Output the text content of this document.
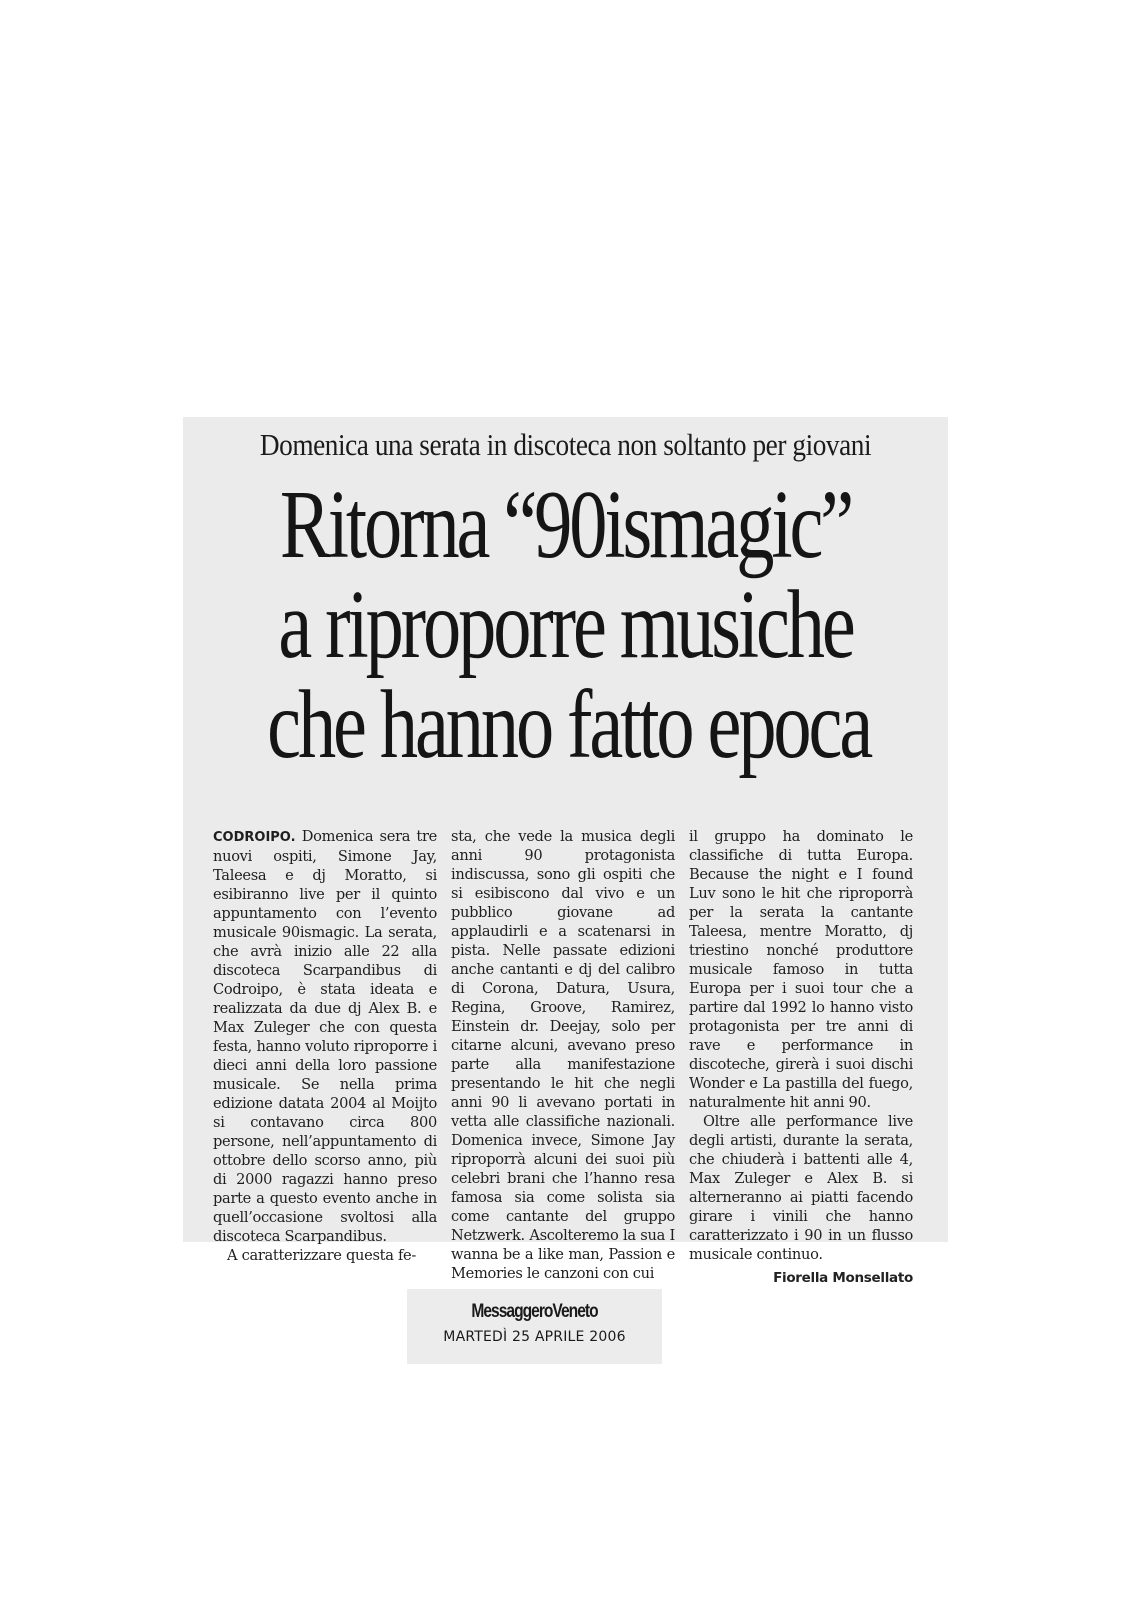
Domenica una serata in discoteca non soltanto per giovani
Ritorna “90ismagic”
a riproporre musiche
che hanno fatto epoca

CODROIPO. Domenica sera tre nuovi ospiti, Simone Jay, Taleesa e dj Moratto, si esibiranno live per il quinto appuntamento con l’evento musicale 90ismagic. La serata, che avrà inizio alle 22 alla discoteca Scarpandibus di Codroipo, è stata ideata e realizzata da due dj Alex B. e Max Zuleger che con questa festa, hanno voluto riproporre i dieci anni della loro passione musicale. Se nella prima edizione datata 2004 al Moijto si contavano circa 800 persone, nell’appuntamento di ottobre dello scorso anno, più di 2000 ragazzi hanno preso parte a questo evento anche in quell’occasione svoltosi alla discoteca Scarpandibus.

A caratterizzare questa fe-

sta, che vede la musica degli anni 90 protagonista indiscussa, sono gli ospiti che si esibiscono dal vivo e un pubblico giovane ad applaudirli e a scatenarsi in pista. Nelle passate edizioni anche cantanti e dj del calibro di Corona, Datura, Usura, Regina, Groove, Ramirez, Einstein dr. Deejay, solo per citarne alcuni, avevano preso parte alla manifestazione presentando le hit che negli anni 90 li avevano portati in vetta alle classifiche nazionali. Domenica invece, Simone Jay riproporrà alcuni dei suoi più celebri brani che l’hanno resa famosa sia come solista sia come cantante del gruppo Netzwerk. Ascolteremo la sua I wanna be a like man, Passion e Memories le canzoni con cui

il gruppo ha dominato le classifiche di tutta Europa. Because the night e I found Luv sono le hit che riproporrà per la serata la cantante Taleesa, mentre Moratto, dj triestino nonché produttore musicale famoso in tutta Europa per i suoi tour che a partire dal 1992 lo hanno visto protagonista per tre anni di rave e performance in discoteche, girerà i suoi dischi Wonder e La pastilla del fuego, naturalmente hit anni 90.

Oltre alle performance live degli artisti, durante la serata, che chiuderà i battenti alle 4, Max Zuleger e Alex B. si alterneranno ai piatti facendo girare i vinili che hanno caratterizzato i 90 in un flusso musicale continuo.

Fiorella Monsellato
MessaggeroVeneto
MARTEDÌ 25 APRILE 2006
